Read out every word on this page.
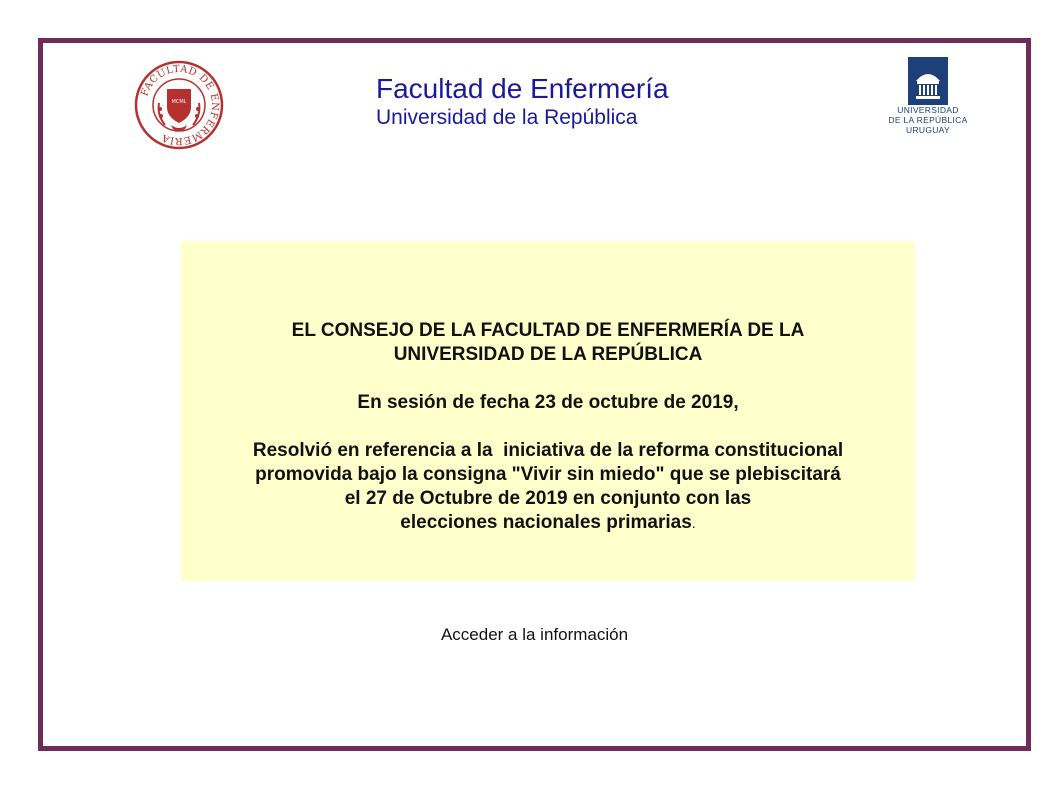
FACULTAD DE ENFERMERÍA
MCML	Facultad de Enfermería
Universidad de la República	UNIVERSIDAD
DE LA REPÚBLICA
URUGUAY

EL CONSEJO DE LA FACULTAD DE ENFERMERÍA DE LA

UNIVERSIDAD DE LA REPÚBLICA

En sesión de fecha 23 de octubre de 2019,

Resolvió en referencia a la  iniciativa de la reforma constitucional

promovida bajo la consigna "Vivir sin miedo" que se plebiscitará

el 27 de Octubre de 2019 en conjunto con las

elecciones nacionales primarias.

Acceder a la información
